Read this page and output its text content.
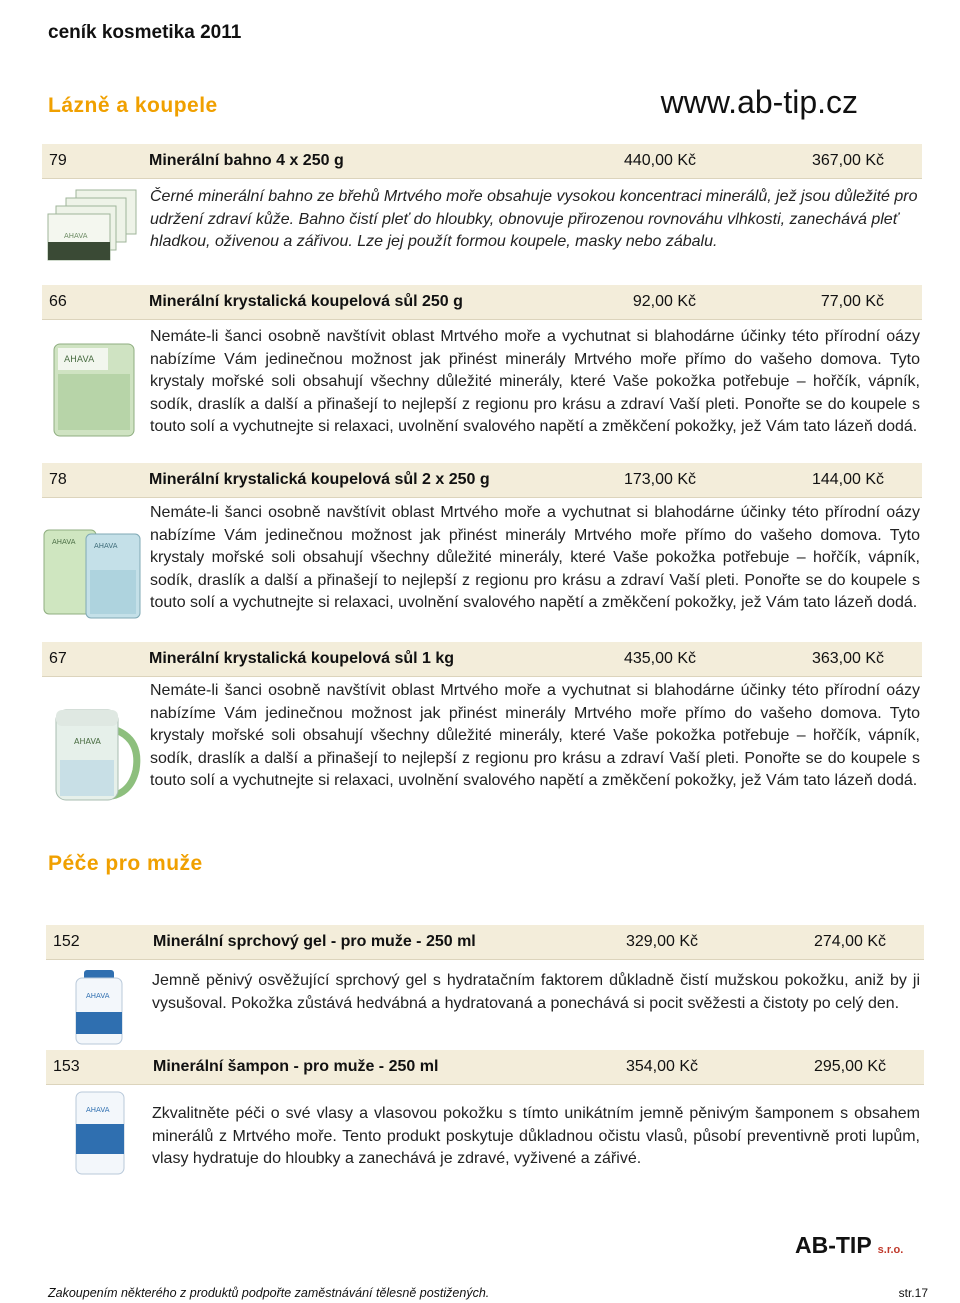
ceník kosmetika 2011
Lázně a koupele	www.ab-tip.cz
79	Minerální bahno 4 x 250 g	440,00 Kč	367,00 Kč
AHAVA
Černé minerální bahno ze břehů Mrtvého moře obsahuje vysokou koncentraci minerálů, jež jsou důležité pro udržení zdraví kůže. Bahno čistí pleť do hloubky, obnovuje přirozenou rovnováhu vlhkosti, zanechává pleť hladkou, oživenou a zářivou. Lze jej použít formou koupele, masky nebo zábalu.
66	Minerální krystalická koupelová sůl 250 g	92,00 Kč	77,00 Kč
AHAVA
Nemáte-li šanci osobně navštívit oblast Mrtvého moře a vychutnat si blahodárne účinky této přírodní oázy nabízíme Vám jedinečnou možnost jak přinést minerály Mrtvého moře přímo do vašeho domova. Tyto krystaly mořské soli obsahují všechny důležité minerály, které Vaše pokožka potřebuje – hořčík, vápník, sodík, draslík a další a přinašejí to nejlepší z regionu pro krásu a zdraví Vaší pleti. Ponořte se do koupele s touto solí a vychutnejte si relaxaci, uvolnění svalového napětí a změkčení pokožky, jež Vám tato lázeň dodá.
78	Minerální krystalická koupelová sůl 2 x 250 g	173,00 Kč	144,00 Kč
AHAVA	AHAVA
Nemáte-li šanci osobně navštívit oblast Mrtvého moře a vychutnat si blahodárne účinky této přírodní oázy nabízíme Vám jedinečnou možnost jak přinést minerály Mrtvého moře přímo do vašeho domova. Tyto krystaly mořské soli obsahují všechny důležité minerály, které Vaše pokožka potřebuje – hořčík, vápník, sodík, draslík a další a přinašejí to nejlepší z regionu pro krásu a zdraví Vaší pleti. Ponořte se do koupele s touto solí a vychutnejte si relaxaci, uvolnění svalového napětí a změkčení pokožky, jež Vám tato lázeň dodá.
67	Minerální krystalická koupelová sůl 1 kg	435,00 Kč	363,00 Kč
AHAVA
Nemáte-li šanci osobně navštívit oblast Mrtvého moře a vychutnat si blahodárne účinky této přírodní oázy nabízíme Vám jedinečnou možnost jak přinést minerály Mrtvého moře přímo do vašeho domova. Tyto krystaly mořské soli obsahují všechny důležité minerály, které Vaše pokožka potřebuje – hořčík, vápník, sodík, draslík a další a přinašejí to nejlepší z regionu pro krásu a zdraví Vaší pleti. Ponořte se do koupele s touto solí a vychutnejte si relaxaci, uvolnění svalového napětí a změkčení pokožky, jež Vám tato lázeň dodá.
Péče pro muže
152	Minerální sprchový gel - pro muže - 250 ml	329,00 Kč	274,00 Kč
AHAVA
Jemně pěnivý osvěžující sprchový gel s hydratačním faktorem důkladně čistí mužskou pokožku, aniž by ji vysušoval. Pokožka zůstává hedvábná a hydratovaná a ponechává si pocit svěžesti a čistoty po celý den.
153	Minerální šampon - pro muže - 250 ml	354,00 Kč	295,00 Kč
AHAVA	Zkvalitněte péči o své vlasy a vlasovou pokožku s tímto unikátním jemně pěnivým šamponem s obsahem minerálů z Mrtvého moře. Tento produkt poskytuje důkladnou očistu vlasů, působí preventivně proti lupům, vlasy hydratuje do hloubky a zanechává je zdravé, vyživené a zářivé.
AB-TIP s.r.o.
Zakoupením některého z produktů podpořte zaměstnávání tělesně postižených.	str.17
